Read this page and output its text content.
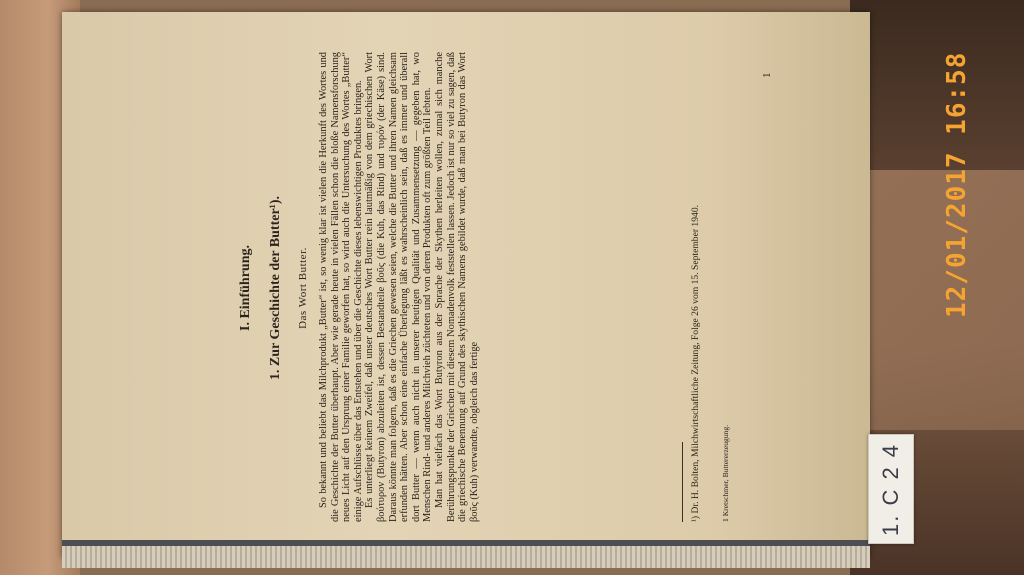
I. Einführung. 1. Zur Geschichte der Butter¹). Das Wort Butter. So bekannt und beliebt das Milchprodukt „Butter“ ist, so wenig klar ist vielen die Herkunft des Wortes und die Geschichte der Butter überhaupt. Aber wie gerade heute in vielen Fällen schon die bloße Namensforschung neues Licht auf den Ursprung einer Familie geworfen hat, so wird auch die Untersuchung des Wortes „Butter“ einige Aufschlüsse über das Entstehen und über die Geschichte dieses lebenswichtigen Produktes bringen. Es unterliegt keinem Zweifel, daß unser deutsches Wort Butter rein lautmäßig von dem griechischen Wort βούτυρον (Butyron) abzuleiten ist, dessen Bestandteile βοῦς (die Kuh, das Rind) und τυρόν (der Käse) sind. Daraus könnte man folgern, daß es die Griechen gewesen seien, welche die Butter und ihren Namen gleichsam erfunden hätten. Aber schon eine einfache Überlegung läßt es wahrscheinlich sein, daß es immer und überall dort Butter — wenn auch nicht in unserer heutigen Qualität und Zusammensetzung — gegeben hat, wo Menschen Rind- und anderes Milchvieh züchteten und von deren Produkten oft zum größten Teil lebten. Man hat vielfach das Wort Butyron aus der Sprache der Skythen herleiten wollen, zumal sich manche Berührungspunkte der Griechen mit diesem Nomadenvolk feststellen lassen. Jedoch ist nur so viel zu sagen, daß die griechische Benennung auf Grund des skythischen Namens gebildet wurde, daß man bei Butyron das Wort βοῦς (Kuh) verwandte, obgleich das fertige	¹) Dr. H. Bolten, Milchwirtschaftliche Zeitung, Folge 26 vom 15. September 1940.	1 Kretschmer, Buttererzeugung.
1
1. C 2 4
12/01/2017 16:58
